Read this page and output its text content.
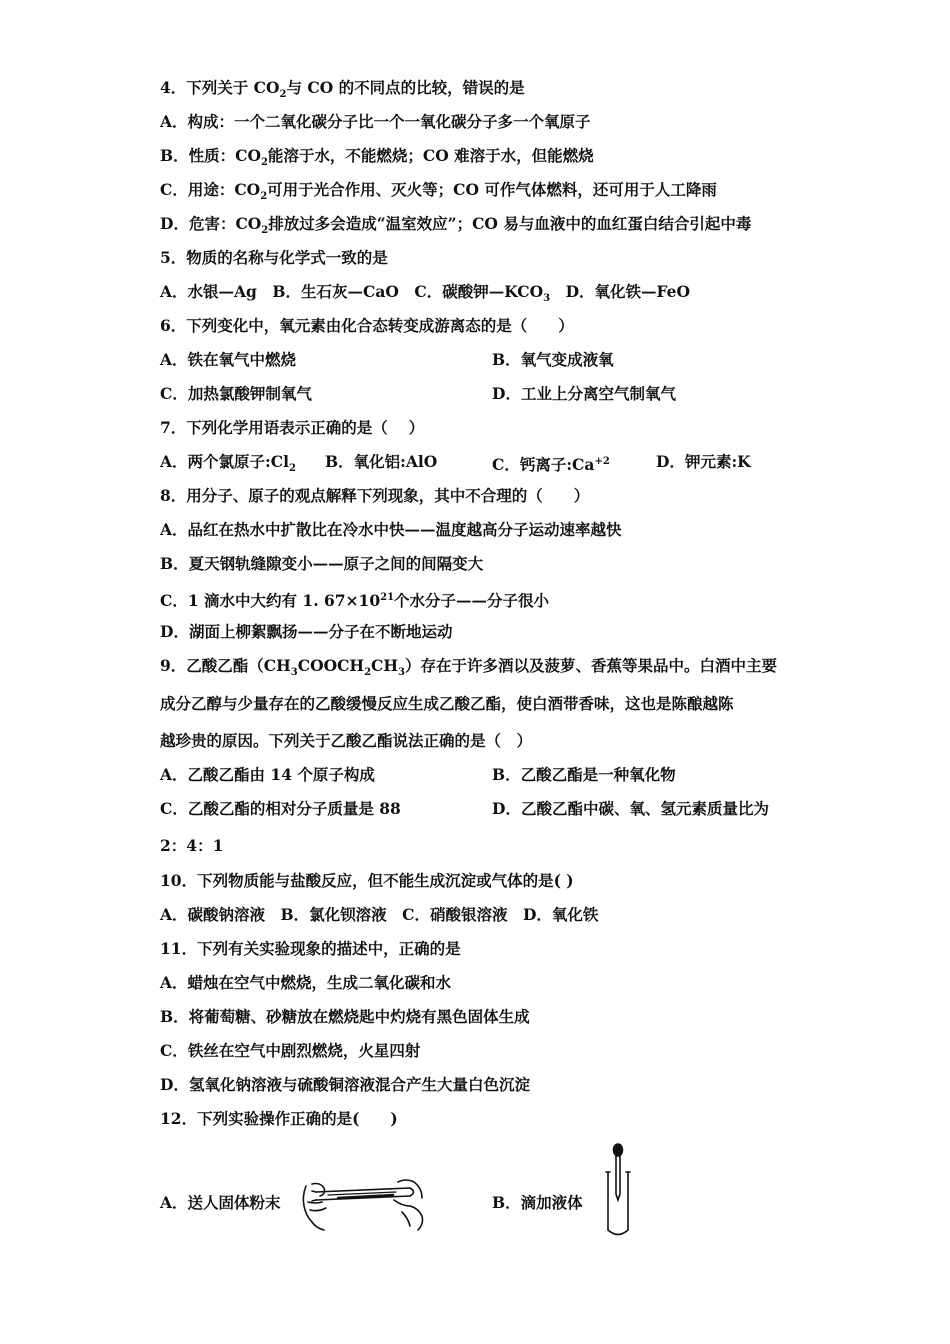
4．下列关于 $CO_2$与 CO 的不同点的比较，错误的是
A．构成：一个二氧化碳分子比一个一氧化碳分子多一个氧原子
B．性质：$CO_2$能溶于水，不能燃烧；CO 难溶于水，但能燃烧
C．用途：$CO_2$可用于光合作用、灭火等；CO 可作气体燃料，还可用于人工降雨
D．危害：$CO_2$排放过多会造成“温室效应”；CO 易与血液中的血红蛋白结合引起中毒
5．物质的名称与化学式一致的是
A．水银—Ag　B．生石灰—CaO　C．碳酸钾$—KCO_3$　D．氧化铁—FeO
6．下列变化中，氧元素由化合态转变成游离态的是（　　）
A．铁在氧气中燃烧	B．氧气变成液氧
C．加热氯酸钾制氧气	D．工业上分离空气制氧气
7．下列化学用语表示正确的是（　 ）
A．两个氯原子$:Cl_2$ B．氧化铝:AlO	C．钙离子$:Ca^{+2}$	D．钾元素:K
8．用分子、原子的观点解释下列现象，其中不合理的（　　）
A．品红在热水中扩散比在冷水中快——温度越高分子运动速率越快
B．夏天钢轨缝隙变小——原子之间的间隔变大
C．1 滴水中大约有 1. $67\times 10^{21}$个水分子——分子很小
D．湖面上柳絮飘扬——分子在不断地运动
9．乙酸乙酯$(CH_3COOCH_2CH_3)$存在于许多酒以及菠萝、香蕉等果品中。白酒中主要
成分乙醇与少量存在的乙酸缓慢反应生成乙酸乙酯，使白酒带香味，这也是陈酿越陈
越珍贵的原因。下列关于乙酸乙酯说法正确的是（　）
A．乙酸乙酯由 14 个原子构成	B．乙酸乙酯是一种氧化物
C．乙酸乙酯的相对分子质量是 88	D．乙酸乙酯中碳、氧、氢元素质量比为
2：4：1
10．下列物质能与盐酸反应，但不能生成沉淀或气体的是( )
A．碳酸钠溶液　B．氯化钡溶液　C．硝酸银溶液　D．氧化铁
11．下列有关实验现象的描述中，正确的是
A．蜡烛在空气中燃烧，生成二氧化碳和水
B．将葡萄糖、砂糖放在燃烧匙中灼烧有黑色固体生成
C．铁丝在空气中剧烈燃烧，火星四射
D．氢氧化钠溶液与硫酸铜溶液混合产生大量白色沉淀
12．下列实验操作正确的是(　　)
A．送人固体粉末	B．滴加液体
